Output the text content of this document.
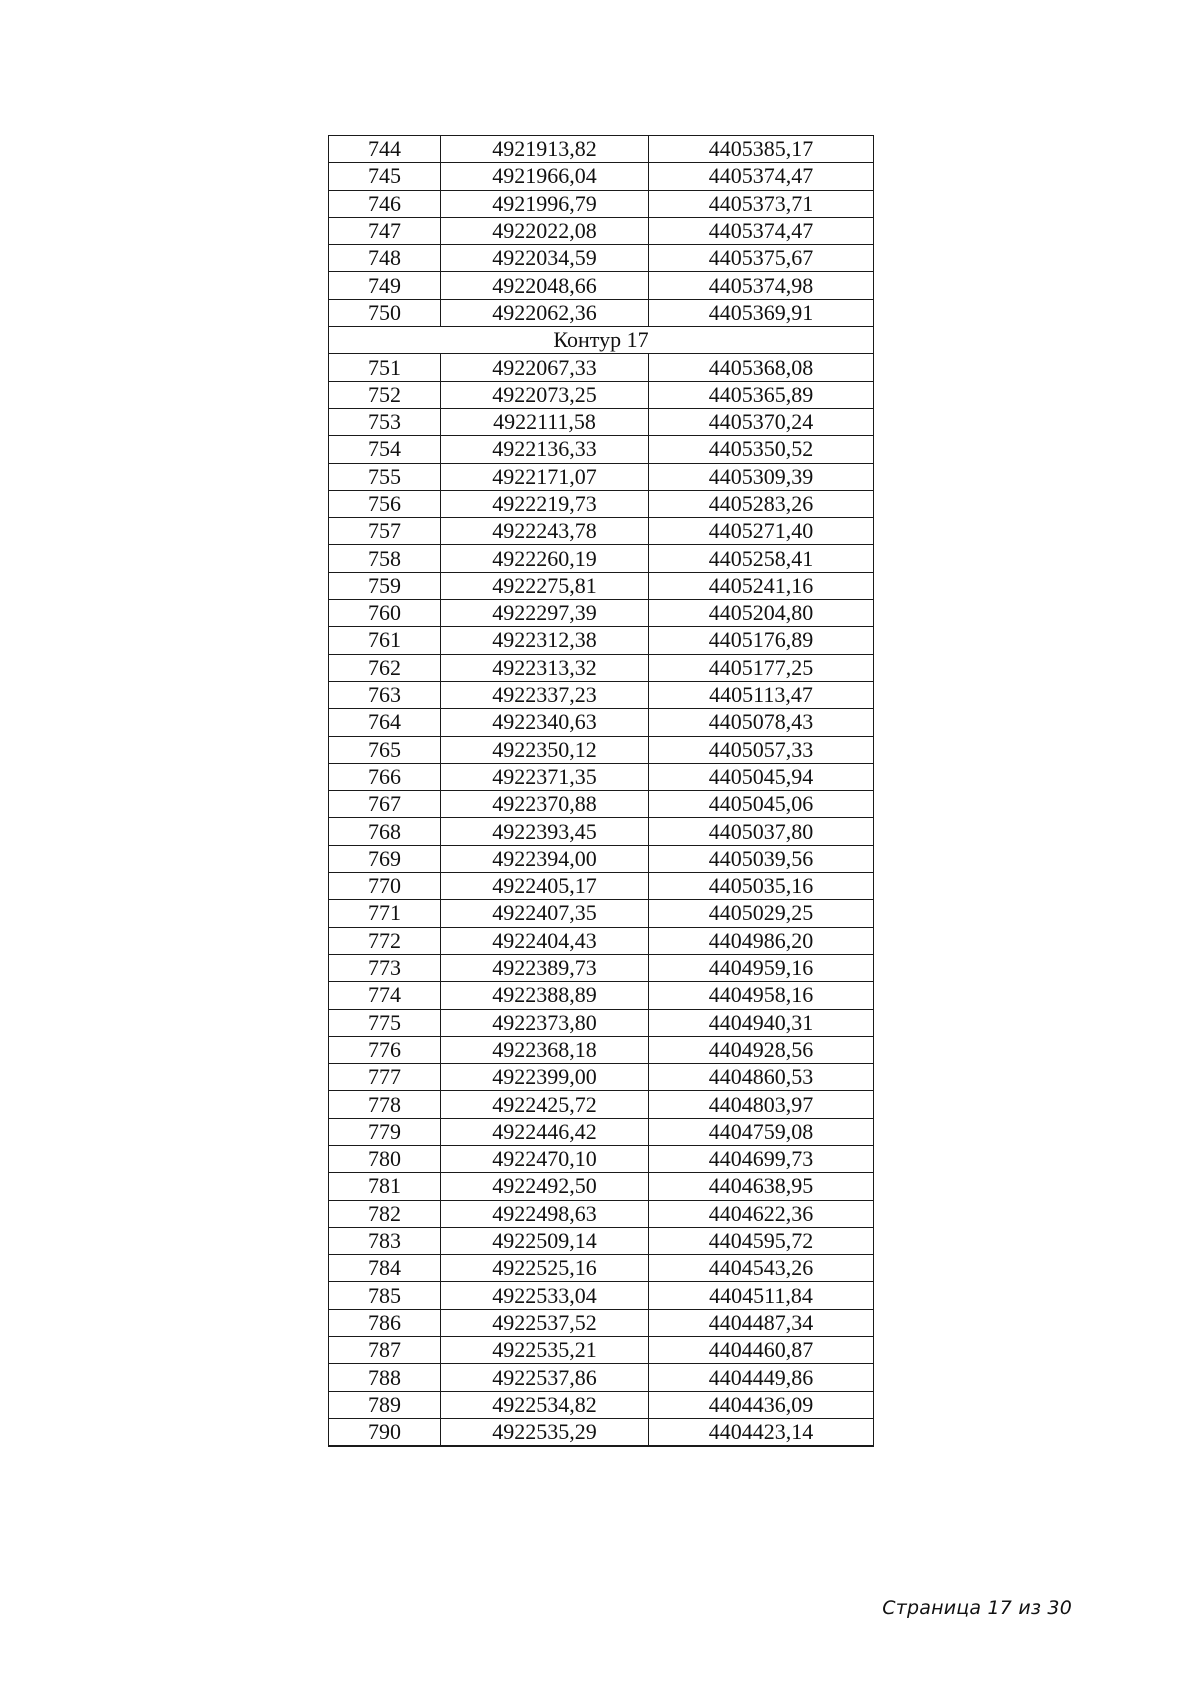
744	4921913,82	4405385,17
745	4921966,04	4405374,47
746	4921996,79	4405373,71
747	4922022,08	4405374,47
748	4922034,59	4405375,67
749	4922048,66	4405374,98
750	4922062,36	4405369,91
Контур 17		
751	4922067,33	4405368,08
752	4922073,25	4405365,89
753	4922111,58	4405370,24
754	4922136,33	4405350,52
755	4922171,07	4405309,39
756	4922219,73	4405283,26
757	4922243,78	4405271,40
758	4922260,19	4405258,41
759	4922275,81	4405241,16
760	4922297,39	4405204,80
761	4922312,38	4405176,89
762	4922313,32	4405177,25
763	4922337,23	4405113,47
764	4922340,63	4405078,43
765	4922350,12	4405057,33
766	4922371,35	4405045,94
767	4922370,88	4405045,06
768	4922393,45	4405037,80
769	4922394,00	4405039,56
770	4922405,17	4405035,16
771	4922407,35	4405029,25
772	4922404,43	4404986,20
773	4922389,73	4404959,16
774	4922388,89	4404958,16
775	4922373,80	4404940,31
776	4922368,18	4404928,56
777	4922399,00	4404860,53
778	4922425,72	4404803,97
779	4922446,42	4404759,08
780	4922470,10	4404699,73
781	4922492,50	4404638,95
782	4922498,63	4404622,36
783	4922509,14	4404595,72
784	4922525,16	4404543,26
785	4922533,04	4404511,84
786	4922537,52	4404487,34
787	4922535,21	4404460,87
788	4922537,86	4404449,86
789	4922534,82	4404436,09
790	4922535,29	4404423,14
Страница 17 из 30
